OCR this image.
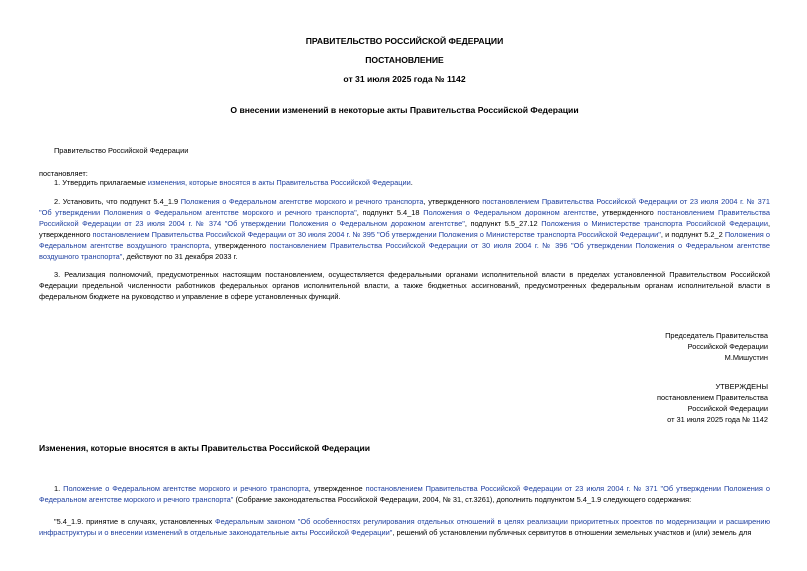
ПРАВИТЕЛЬСТВО РОССИЙСКОЙ ФЕДЕРАЦИИ
ПОСТАНОВЛЕНИЕ
от 31 июля 2025 года № 1142
О внесении изменений в некоторые акты Правительства Российской Федерации
Правительство Российской Федерации
постановляет:
1. Утвердить прилагаемые изменения, которые вносятся в акты Правительства Российской Федерации.
2. Установить, что подпункт 5.4_1.9 Положения о Федеральном агентстве морского и речного транспорта, утвержденного постановлением Правительства Российской Федерации от 23 июля 2004 г. № 371 "Об утверждении Положения о Федеральном агентстве морского и речного транспорта", подпункт 5.4_18 Положения о Федеральном дорожном агентстве, утвержденного постановлением Правительства Российской Федерации от 23 июля 2004 г. № 374 "Об утверждении Положения о Федеральном дорожном агентстве", подпункт 5.5_27.12 Положения о Министерстве транспорта Российской Федерации, утвержденного постановлением Правительства Российской Федерации от 30 июля 2004 г. № 395 "Об утверждении Положения о Министерстве транспорта Российской Федерации", и подпункт 5.2_2 Положения о Федеральном агентстве воздушного транспорта, утвержденного постановлением Правительства Российской Федерации от 30 июля 2004 г. № 396 "Об утверждении Положения о Федеральном агентстве воздушного транспорта", действуют по 31 декабря 2033 г.
3. Реализация полномочий, предусмотренных настоящим постановлением, осуществляется федеральными органами исполнительной власти в пределах установленной Правительством Российской Федерации предельной численности работников федеральных органов исполнительной власти, а также бюджетных ассигнований, предусмотренных федеральным органам исполнительной власти в федеральном бюджете на руководство и управление в сфере установленных функций.
Председатель Правительства
Российской Федерации
М.Мишустин
УТВЕРЖДЕНЫ
постановлением Правительства
Российской Федерации
от 31 июля 2025 года № 1142
Изменения, которые вносятся в акты Правительства Российской Федерации
1. Положение о Федеральном агентстве морского и речного транспорта, утвержденное постановлением Правительства Российской Федерации от 23 июля 2004 г. № 371 "Об утверждении Положения о Федеральном агентстве морского и речного транспорта" (Собрание законодательства Российской Федерации, 2004, № 31, ст.3261), дополнить подпунктом 5.4_1.9 следующего содержания:
"5.4_1.9. принятие в случаях, установленных Федеральным законом "Об особенностях регулирования отдельных отношений в целях реализации приоритетных проектов по модернизации и расширению инфраструктуры и о внесении изменений в отдельные законодательные акты Российской Федерации", решений об установлении публичных сервитутов в отношении земельных участков и (или) земель для
